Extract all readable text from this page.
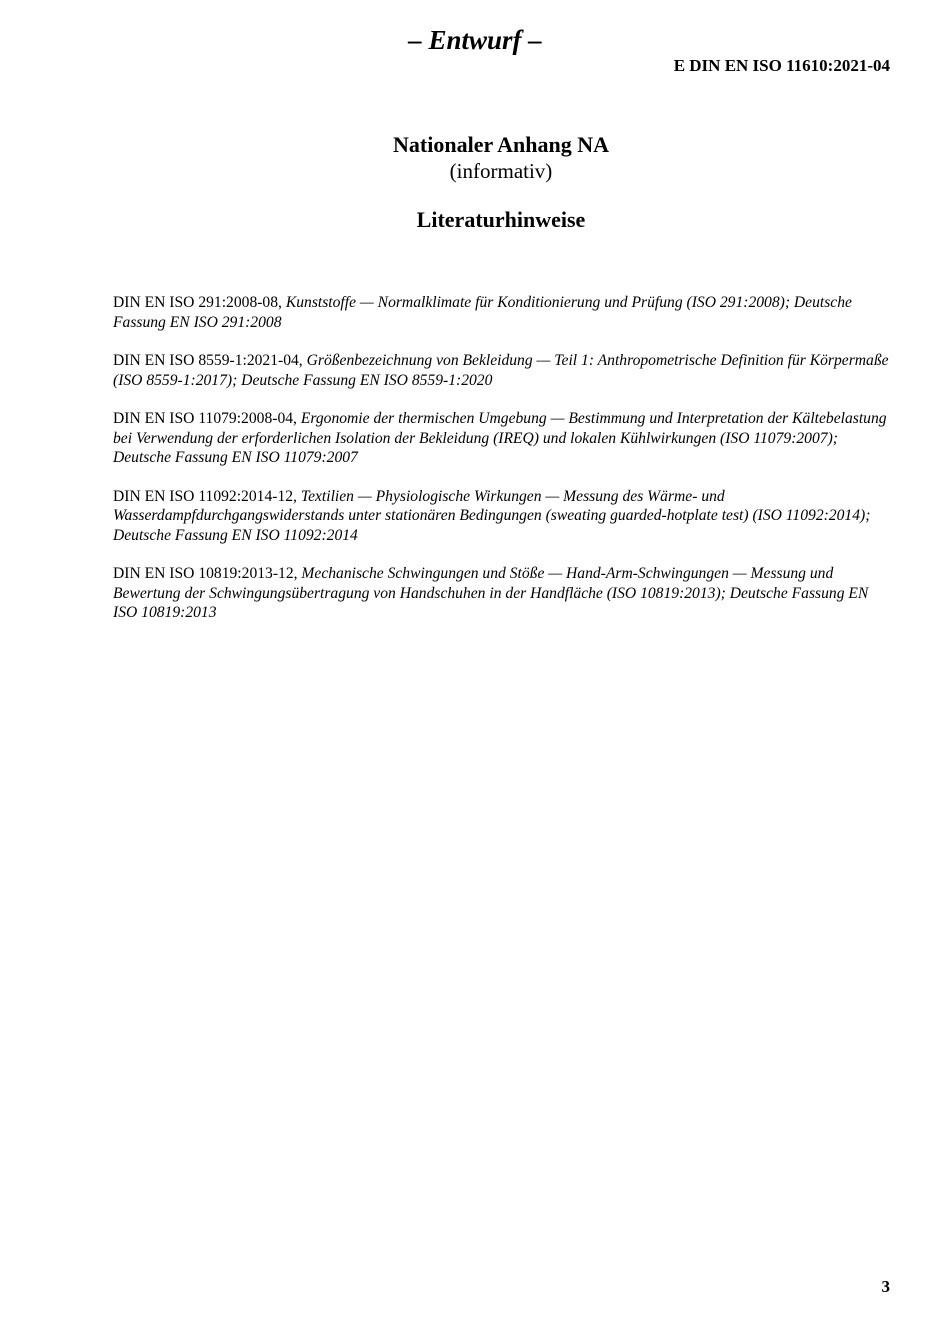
– Entwurf –

E DIN EN ISO 11610:2021-04

Nationaler Anhang NA

(informativ)

Literaturhinweise
DIN EN ISO 291:2008-08, Kunststoffe — Normalklimate für Konditionierung und Prüfung (ISO 291:2008); Deutsche Fassung EN ISO 291:2008
DIN EN ISO 8559-1:2021-04, Größenbezeichnung von Bekleidung — Teil 1: Anthropometrische Definition für Körpermaße (ISO 8559-1:2017); Deutsche Fassung EN ISO 8559-1:2020
DIN EN ISO 11079:2008-04, Ergonomie der thermischen Umgebung — Bestimmung und Interpretation der Kältebelastung bei Verwendung der erforderlichen Isolation der Bekleidung (IREQ) und lokalen Kühlwirkungen (ISO 11079:2007); Deutsche Fassung EN ISO 11079:2007
DIN EN ISO 11092:2014-12, Textilien — Physiologische Wirkungen — Messung des Wärme- und Wasserdampfdurchgangswiderstands unter stationären Bedingungen (sweating guarded-hotplate test) (ISO 11092:2014); Deutsche Fassung EN ISO 11092:2014
DIN EN ISO 10819:2013-12, Mechanische Schwingungen und Stöße — Hand-Arm-Schwingungen — Messung und Bewertung der Schwingungsübertragung von Handschuhen in der Handfläche (ISO 10819:2013); Deutsche Fassung EN ISO 10819:2013

3
